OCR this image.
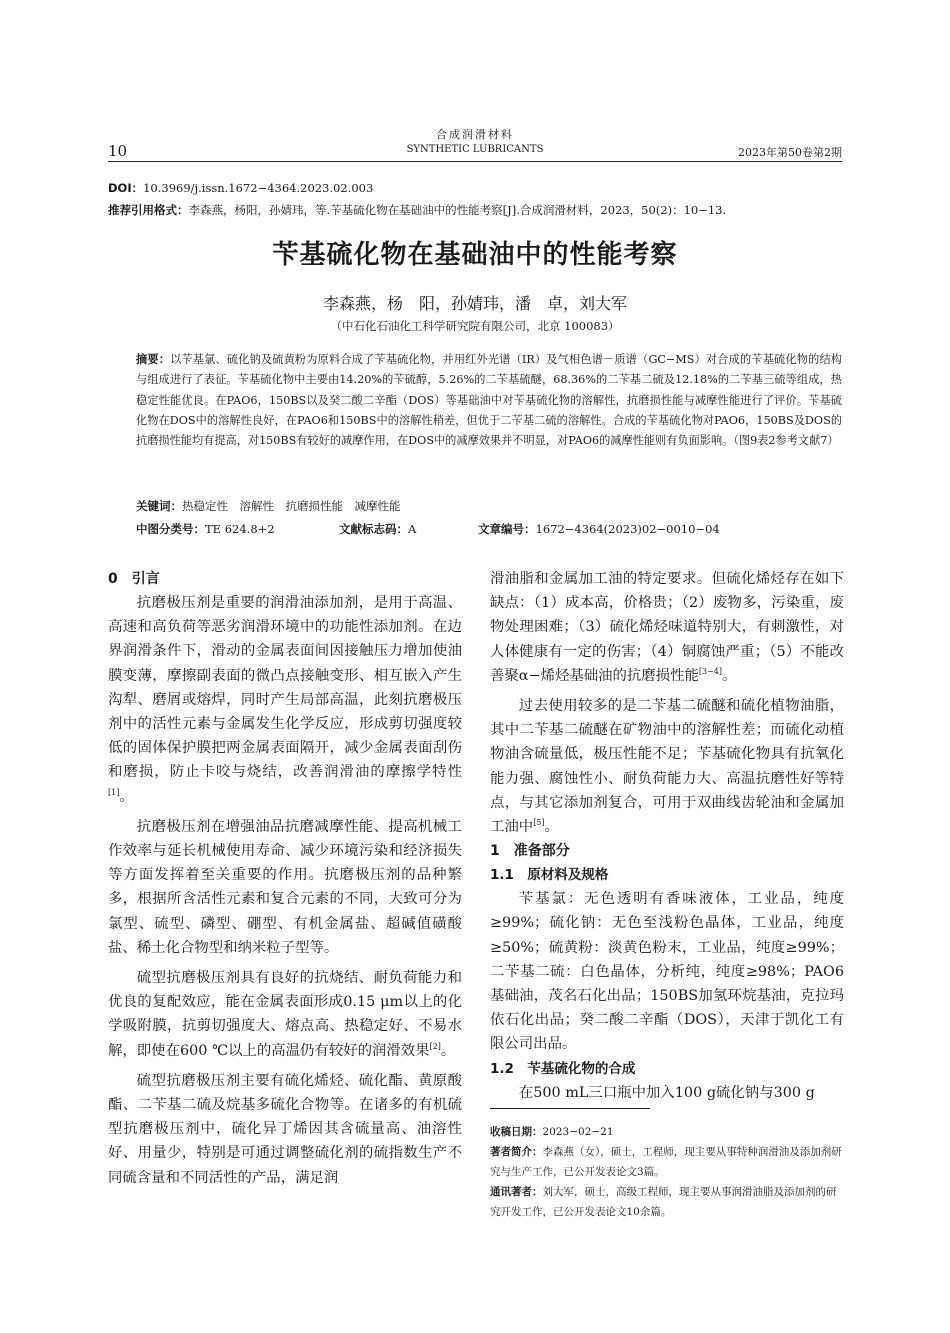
合成润滑材料
10	SYNTHETIC LUBRICANTS	2023年第50卷第2期
DOI：10.3969/j.issn.1672−4364.2023.02.003
推荐引用格式：李森燕，杨阳，孙婧玮，等.苄基硫化物在基础油中的性能考察[J].合成润滑材料，2023，50(2)：10−13.
苄基硫化物在基础油中的性能考察
李森燕，杨　阳，孙婧玮，潘　卓，刘大军
（中石化石油化工科学研究院有限公司，北京 100083）
摘要：以苄基氯、硫化钠及硫黄粉为原料合成了苄基硫化物，并用红外光谱（IR）及气相色谱－质谱（GC−MS）对合成的苄基硫化物的结构与组成进行了表征。苄基硫化物中主要由14.20%的苄硫醇，5.26%的二苄基硫醚，68.36%的二苄基二硫及12.18%的二苄基三硫等组成，热稳定性能优良。在PAO6，150BS以及癸二酸二辛酯（DOS）等基础油中对苄基硫化物的溶解性，抗磨损性能与减摩性能进行了评价。苄基硫化物在DOS中的溶解性良好，在PAO6和150BS中的溶解性稍差，但优于二苄基二硫的溶解性。合成的苄基硫化物对PAO6，150BS及DOS的抗磨损性能均有提高，对150BS有较好的减摩作用，在DOS中的减摩效果并不明显，对PAO6的减摩性能则有负面影响。（图9表2参考文献7）
关键词：热稳定性　溶解性　抗磨损性能　减摩性能
中图分类号：TE 624.8+2	文献标志码：A	文章编号：1672−4364(2023)02−0010−04
0　引言

抗磨极压剂是重要的润滑油添加剂，是用于高温、高速和高负荷等恶劣润滑环境中的功能性添加剂。在边界润滑条件下，滑动的金属表面间因接触压力增加使油膜变薄，摩擦副表面的微凸点接触变形、相互嵌入产生沟犁、磨屑或熔焊，同时产生局部高温，此刻抗磨极压剂中的活性元素与金属发生化学反应，形成剪切强度较低的固体保护膜把两金属表面隔开，减少金属表面刮伤和磨损，防止卡咬与烧结，改善润滑油的摩擦学特性[1]。

抗磨极压剂在增强油品抗磨减摩性能、提高机械工作效率与延长机械使用寿命、减少环境污染和经济损失等方面发挥着至关重要的作用。抗磨极压剂的品种繁多，根据所含活性元素和复合元素的不同，大致可分为氯型、硫型、磷型、硼型、有机金属盐、超碱值磺酸盐、稀土化合物型和纳米粒子型等。

硫型抗磨极压剂具有良好的抗烧结、耐负荷能力和优良的复配效应，能在金属表面形成0.15 μm以上的化学吸附膜，抗剪切强度大、熔点高、热稳定好、不易水解，即使在600 ℃以上的高温仍有较好的润滑效果[2]。

硫型抗磨极压剂主要有硫化烯烃、硫化酯、黄原酸酯、二苄基二硫及烷基多硫化合物等。在诸多的有机硫型抗磨极压剂中，硫化异丁烯因其含硫量高、油溶性好、用量少，特别是可通过调整硫化剂的硫指数生产不同硫含量和不同活性的产品，满足润

滑油脂和金属加工油的特定要求。但硫化烯烃存在如下缺点：（1）成本高，价格贵；（2）废物多，污染重，废物处理困难；（3）硫化烯烃味道特别大，有刺激性，对人体健康有一定的伤害；（4）铜腐蚀严重；（5）不能改善聚α−烯烃基础油的抗磨损性能[3−4]。

过去使用较多的是二苄基二硫醚和硫化植物油脂，其中二苄基二硫醚在矿物油中的溶解性差；而硫化动植物油含硫量低，极压性能不足；苄基硫化物具有抗氧化能力强、腐蚀性小、耐负荷能力大、高温抗磨性好等特点，与其它添加剂复合，可用于双曲线齿轮油和金属加工油中[5]。

1　准备部分
1.1　原材料及规格

苄基氯：无色透明有香味液体，工业品，纯度≥99%；硫化钠：无色至浅粉色晶体，工业品，纯度≥50%；硫黄粉：淡黄色粉末，工业品，纯度≥99%；二苄基二硫：白色晶体，分析纯，纯度≥98%；PAO6基础油，茂名石化出品；150BS加氢环烷基油，克拉玛依石化出品；癸二酸二辛酯（DOS），天津于凯化工有限公司出品。

1.2　苄基硫化物的合成

在500 mL三口瓶中加入100 g硫化钠与300 g

收稿日期：2023−02−21
著者简介：李森燕（女），硕士，工程师，现主要从事特种润滑油及添加剂研究与生产工作，已公开发表论文3篇。
通讯著者：刘大军，硕士，高级工程师，现主要从事润滑油脂及添加剂的研究开发工作，已公开发表论文10余篇。
